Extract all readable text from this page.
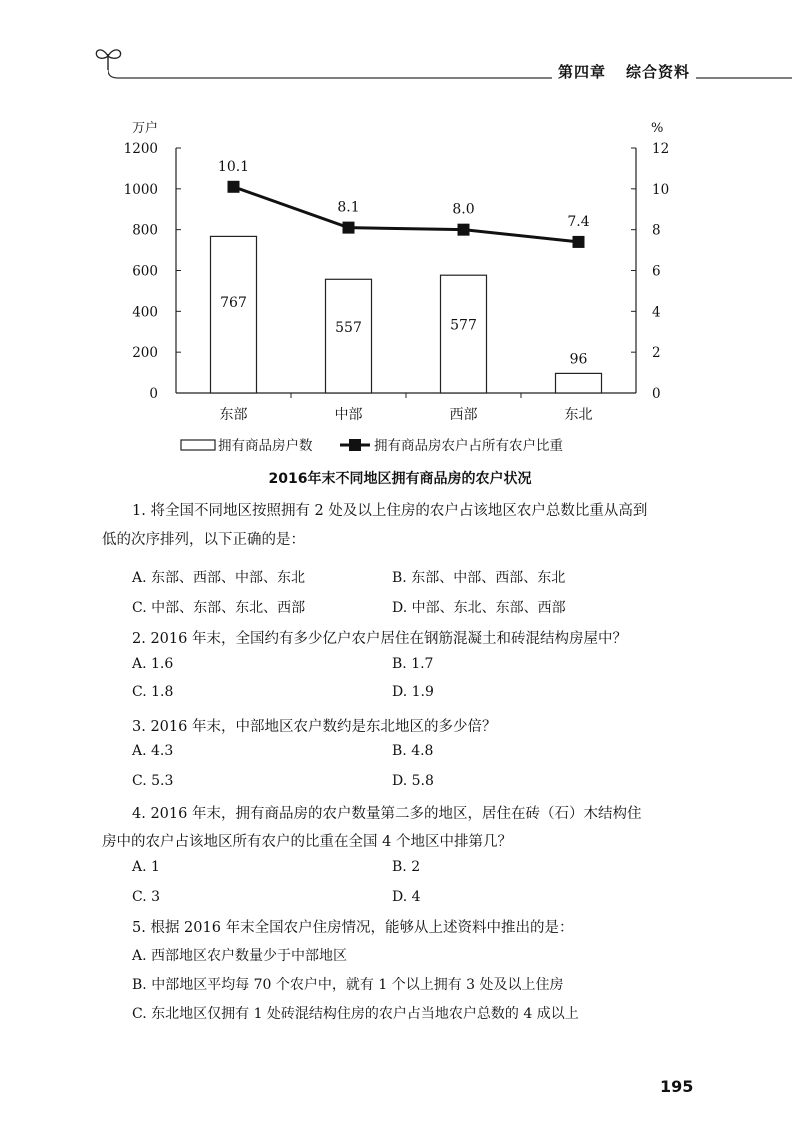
第四章 综合资料
万户	%
0
200
400
600
800
1000
1200
0
2
4
6
8
10
12
767
557	577
96
10.1
8.1	8.0
7.4
东部	中部	西部	东北
拥有商品房户数	拥有商品房农户占所有农户比重
2016年末不同地区拥有商品房的农户状况
1. 将全国不同地区按照拥有 2 处及以上住房的农户占该地区农户总数比重从高到
低的次序排列，以下正确的是：
A. 东部、西部、中部、东北	B. 东部、中部、西部、东北
C. 中部、东部、东北、西部	D. 中部、东北、东部、西部
2. 2016 年末，全国约有多少亿户农户居住在钢筋混凝土和砖混结构房屋中？
A. 1.6	B. 1.7
C. 1.8	D. 1.9
3. 2016 年末，中部地区农户数约是东北地区的多少倍？
A. 4.3	B. 4.8
C. 5.3	D. 5.8
4. 2016 年末，拥有商品房的农户数量第二多的地区，居住在砖（石）木结构住
房中的农户占该地区所有农户的比重在全国 4 个地区中排第几？
A. 1	B. 2
C. 3	D. 4
5. 根据 2016 年末全国农户住房情况，能够从上述资料中推出的是：
A. 西部地区农户数量少于中部地区
B. 中部地区平均每 70 个农户中，就有 1 个以上拥有 3 处及以上住房
C. 东北地区仅拥有 1 处砖混结构住房的农户占当地农户总数的 4 成以上
195
